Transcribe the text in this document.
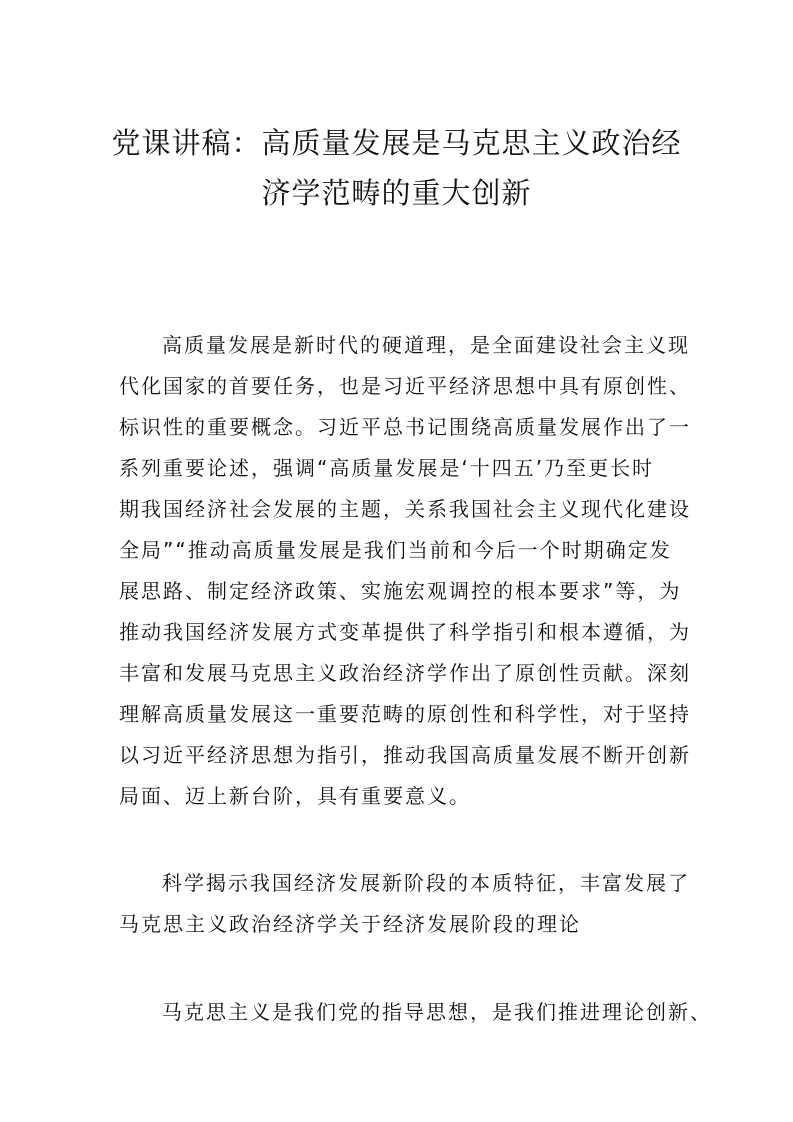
党课讲稿：高质量发展是马克思主义政治经
济学范畴的重大创新
高质量发展是新时代的硬道理，是全面建设社会主义现
代化国家的首要任务，也是习近平经济思想中具有原创性、
标识性的重要概念。习近平总书记围绕高质量发展作出了一
系列重要论述，强调“高质量发展是‘十四五’乃至更长时
期我国经济社会发展的主题，关系我国社会主义现代化建设
全局”“推动高质量发展是我们当前和今后一个时期确定发
展思路、制定经济政策、实施宏观调控的根本要求”等，为
推动我国经济发展方式变革提供了科学指引和根本遵循，为
丰富和发展马克思主义政治经济学作出了原创性贡献。深刻
理解高质量发展这一重要范畴的原创性和科学性，对于坚持
以习近平经济思想为指引，推动我国高质量发展不断开创新
局面、迈上新台阶，具有重要意义。
科学揭示我国经济发展新阶段的本质特征，丰富发展了
马克思主义政治经济学关于经济发展阶段的理论
马克思主义是我们党的指导思想，是我们推进理论创新、
